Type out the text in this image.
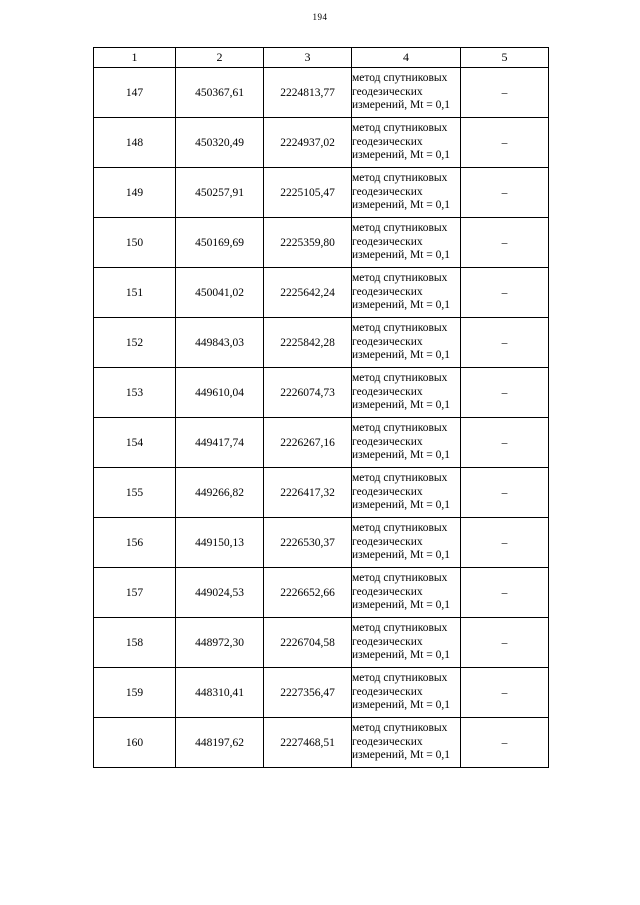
194
1	2	3	4	5
147	450367,61	2224813,77	метод спутниковых
геодезических
измерений, Mt = 0,1	–
148	450320,49	2224937,02	метод спутниковых
геодезических
измерений, Mt = 0,1	–
149	450257,91	2225105,47	метод спутниковых
геодезических
измерений, Mt = 0,1	–
150	450169,69	2225359,80	метод спутниковых
геодезических
измерений, Mt = 0,1	–
151	450041,02	2225642,24	метод спутниковых
геодезических
измерений, Mt = 0,1	–
152	449843,03	2225842,28	метод спутниковых
геодезических
измерений, Mt = 0,1	–
153	449610,04	2226074,73	метод спутниковых
геодезических
измерений, Mt = 0,1	–
154	449417,74	2226267,16	метод спутниковых
геодезических
измерений, Mt = 0,1	–
155	449266,82	2226417,32	метод спутниковых
геодезических
измерений, Mt = 0,1	–
156	449150,13	2226530,37	метод спутниковых
геодезических
измерений, Mt = 0,1	–
157	449024,53	2226652,66	метод спутниковых
геодезических
измерений, Mt = 0,1	–
158	448972,30	2226704,58	метод спутниковых
геодезических
измерений, Mt = 0,1	–
159	448310,41	2227356,47	метод спутниковых
геодезических
измерений, Mt = 0,1	–
160	448197,62	2227468,51	метод спутниковых
геодезических
измерений, Mt = 0,1	–
